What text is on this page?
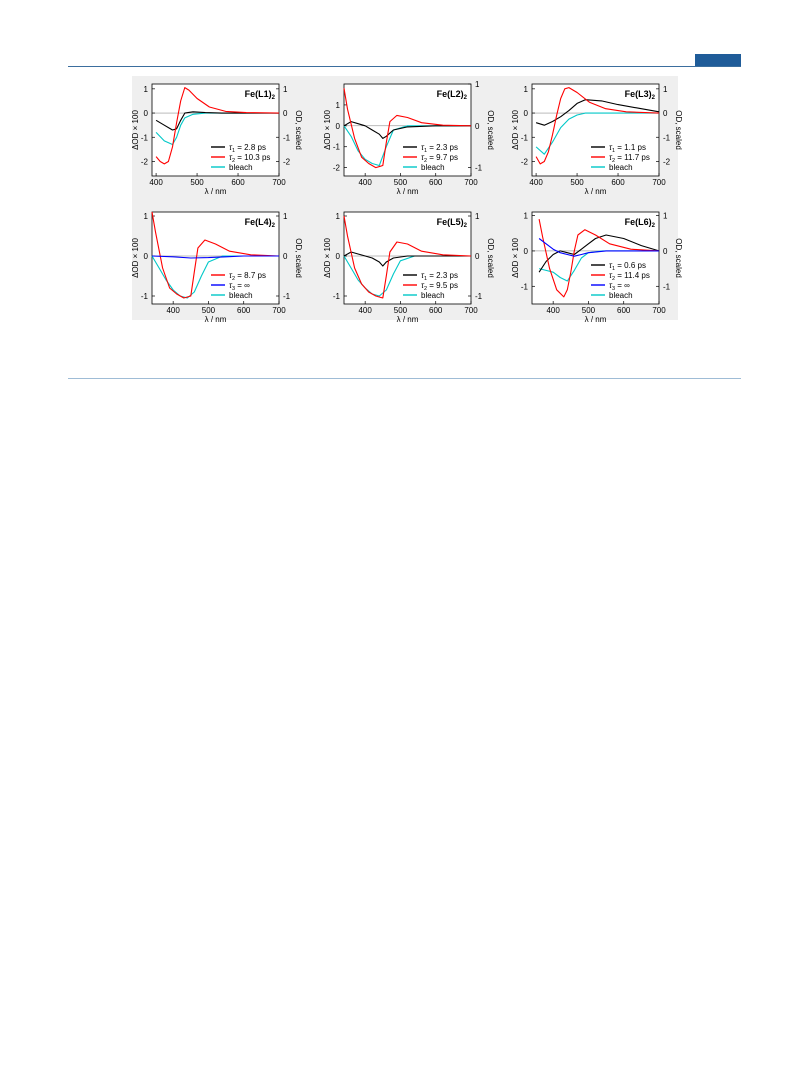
400	500	600	700
1
0
-1
-2
1
0
-1
-2
λ / nm
ΔOD × 100	OD, scaled
$Fe(L1)_2$
$\tau_1 = 2.8$ ps
$\tau_2 = 10.3$ ps
bleach
400	500	600	700
1
0
-1
-2
1
0
-1
λ / nm
ΔOD × 100	OD, scaled
$Fe(L2)_2$
$\tau_1 = 2.3$ ps
$\tau_2 = 9.7$ ps
bleach
400	500	600	700
1
0
-1
-2
1
0
-1
-2
λ / nm
ΔOD × 100	OD, scaled
$Fe(L3)_2$
$\tau_1 = 1.1$ ps
$\tau_2 = 11.7$ ps
bleach
400	500	600	700
1
0
-1
1
0
-1
λ / nm
ΔOD × 100	OD, scaled
$Fe(L4)_2$
$\tau_2 = 8.7$ ps
$\tau_3$ = ∞
bleach
400	500	600	700
1
0
-1
1
0
-1
λ / nm
ΔOD × 100	OD, scaled
$Fe(L5)_2$
$\tau_1 = 2.3$ ps
$\tau_2 = 9.5$ ps
bleach
400	500	600	700
1
0
-1
1
0
-1
λ / nm
ΔOD × 100	OD, scaled
$Fe(L6)_2$
$\tau_1 = 0.6$ ps
$\tau_2 = 11.4$ ps
$\tau_3$ = ∞
bleach
